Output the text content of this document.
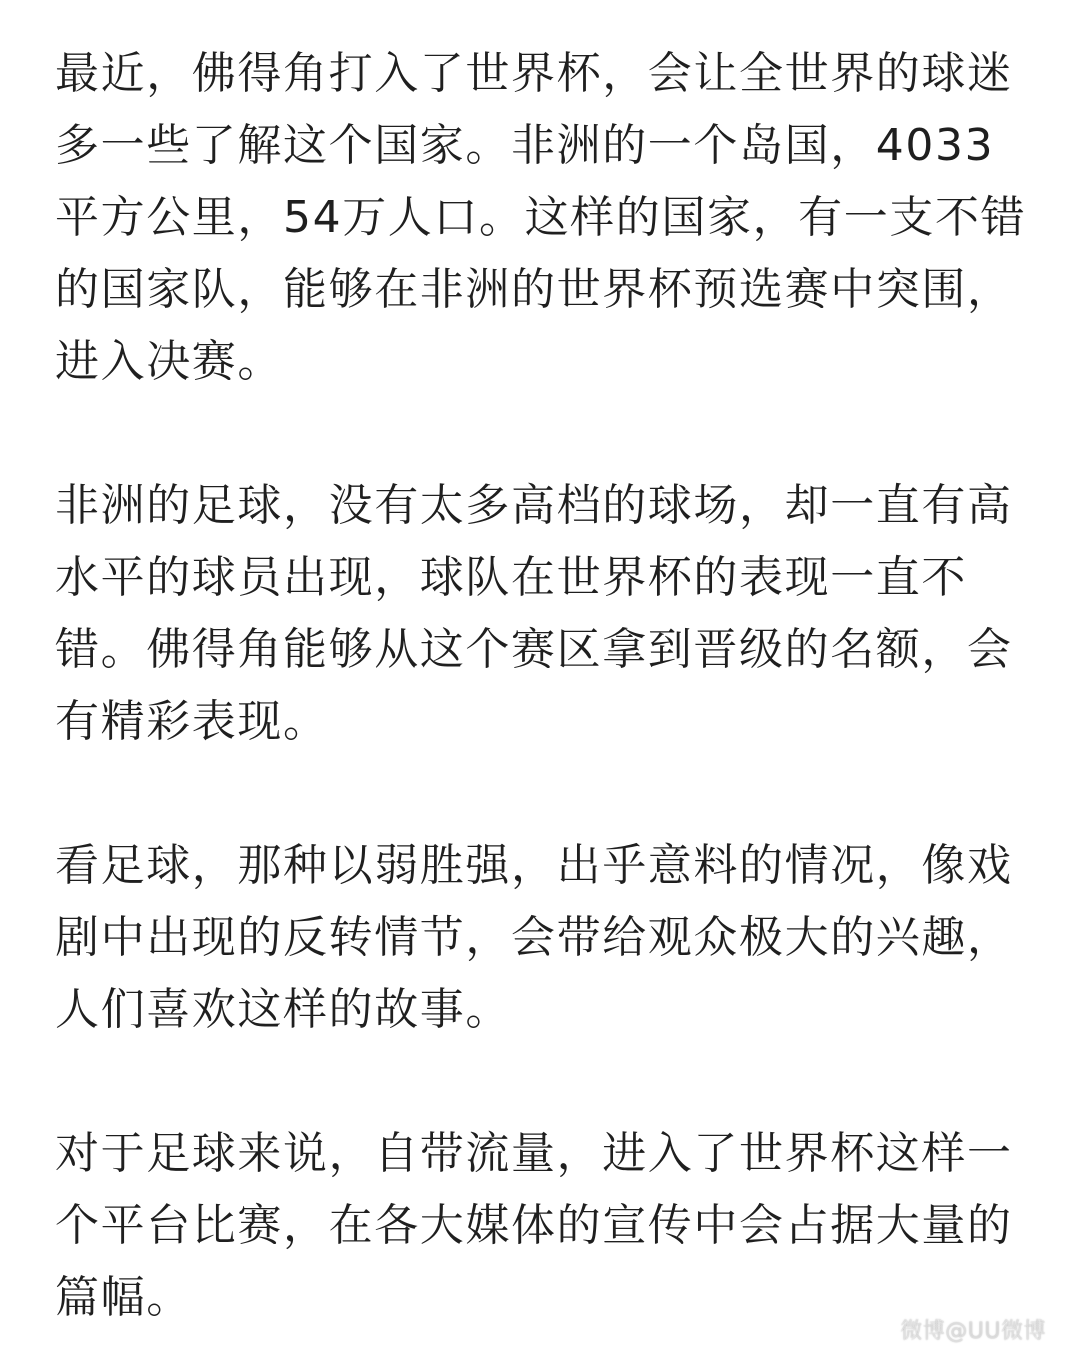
最近，佛得角打入了世界杯，会让全世界的球迷多一些了解这个国家。非洲的一个岛国，4033平方公里，54万人口。这样的国家，有一支不错的国家队，能够在非洲的世界杯预选赛中突围，进入决赛。

非洲的足球，没有太多高档的球场，却一直有高水平的球员出现，球队在世界杯的表现一直不错。佛得角能够从这个赛区拿到晋级的名额，会有精彩表现。

看足球，那种以弱胜强，出乎意料的情况，像戏剧中出现的反转情节，会带给观众极大的兴趣，人们喜欢这样的故事。

对于足球来说，自带流量，进入了世界杯这样一个平台比赛，在各大媒体的宣传中会占据大量的篇幅。

微博@UU微博
